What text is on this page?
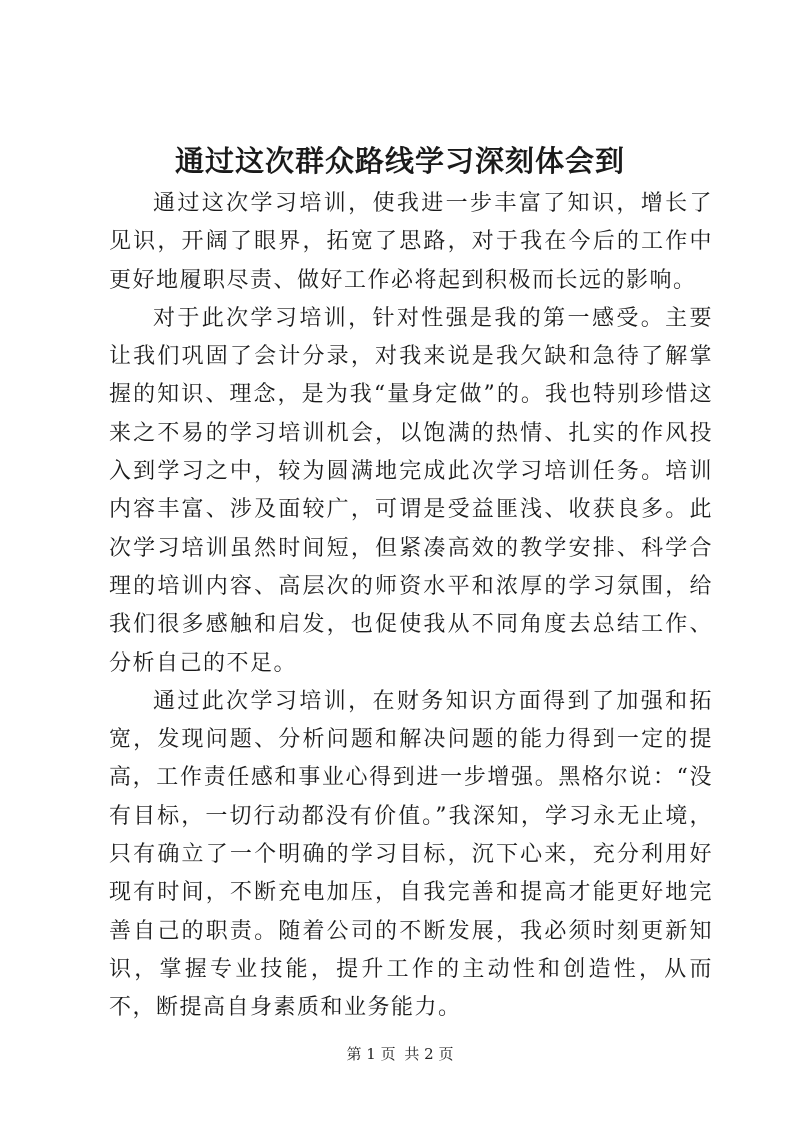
通过这次群众路线学习深刻体会到

通过这次学习培训，使我进一步丰富了知识，增长了见识，开阔了眼界，拓宽了思路，对于我在今后的工作中更好地履职尽责、做好工作必将起到积极而长远的影响。

对于此次学习培训，针对性强是我的第一感受。主要让我们巩固了会计分录，对我来说是我欠缺和急待了解掌握的知识、理念，是为我“量身定做”的。我也特别珍惜这来之不易的学习培训机会，以饱满的热情、扎实的作风投入到学习之中，较为圆满地完成此次学习培训任务。培训内容丰富、涉及面较广，可谓是受益匪浅、收获良多。此次学习培训虽然时间短，但紧凑高效的教学安排、科学合理的培训内容、高层次的师资水平和浓厚的学习氛围，给我们很多感触和启发，也促使我从不同角度去总结工作、分析自己的不足。

通过此次学习培训，在财务知识方面得到了加强和拓宽，发现问题、分析问题和解决问题的能力得到一定的提高，工作责任感和事业心得到进一步增强。黑格尔说：“没有目标，一切行动都没有价值。”我深知，学习永无止境，只有确立了一个明确的学习目标，沉下心来，充分利用好现有时间，不断充电加压，自我完善和提高才能更好地完善自己的职责。随着公司的不断发展，我必须时刻更新知识，掌握专业技能，提升工作的主动性和创造性，从而不，断提高自身素质和业务能力。

第 1 页 共 2 页
